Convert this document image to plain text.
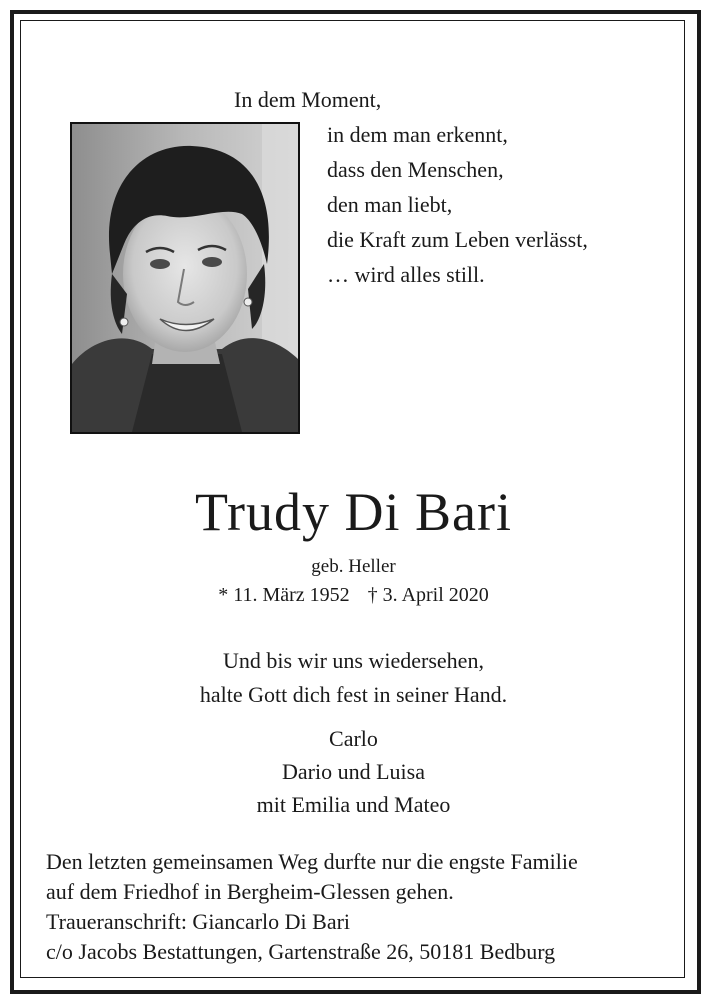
In dem Moment,
in dem man erkennt,
dass den Menschen,
den man liebt,
die Kraft zum Leben verlässt,
… wird alles still.
Trudy Di Bari
geb. Heller
* 11. März 1952 † 3. April 2020
Und bis wir uns wiedersehen,
halte Gott dich fest in seiner Hand.
Carlo
Dario und Luisa
mit Emilia und Mateo
Den letzten gemeinsamen Weg durfte nur die engste Familie
auf dem Friedhof in Bergheim-Glessen gehen.
Traueranschrift: Giancarlo Di Bari
c/o Jacobs Bestattungen, Gartenstraße 26, 50181 Bedburg
